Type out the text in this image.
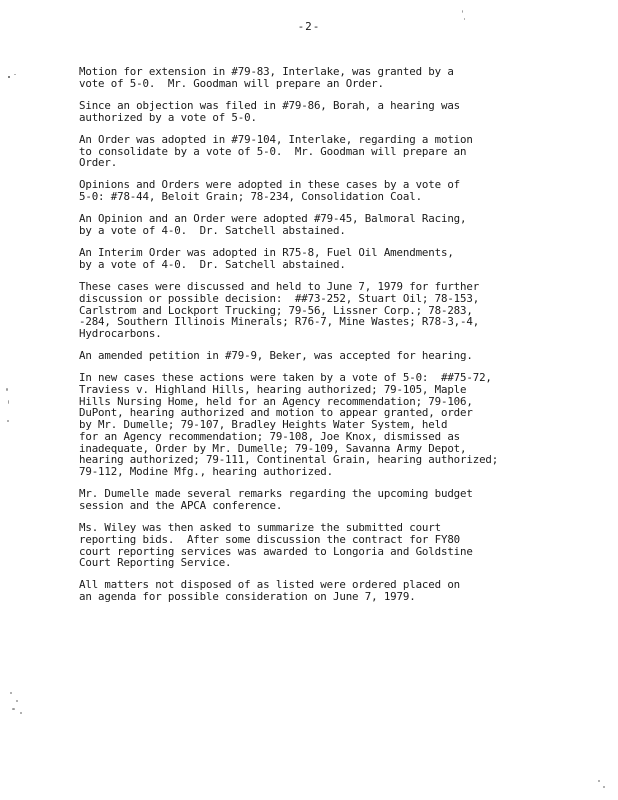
-2-

Motion for extension in #79-83, Interlake, was granted by a
vote of 5-0.  Mr. Goodman will prepare an Order.

Since an objection was filed in #79-86, Borah, a hearing was
authorized by a vote of 5-0.

An Order was adopted in #79-104, Interlake, regarding a motion
to consolidate by a vote of 5-0.  Mr. Goodman will prepare an
Order.

Opinions and Orders were adopted in these cases by a vote of
5-0: #78-44, Beloit Grain; 78-234, Consolidation Coal.

An Opinion and an Order were adopted #79-45, Balmoral Racing,
by a vote of 4-0.  Dr. Satchell abstained.

An Interim Order was adopted in R75-8, Fuel Oil Amendments,
by a vote of 4-0.  Dr. Satchell abstained.

These cases were discussed and held to June 7, 1979 for further
discussion or possible decision:  ##73-252, Stuart Oil; 78-153,
Carlstrom and Lockport Trucking; 79-56, Lissner Corp.; 78-283,
-284, Southern Illinois Minerals; R76-7, Mine Wastes; R78-3,-4,
Hydrocarbons.

An amended petition in #79-9, Beker, was accepted for hearing.

In new cases these actions were taken by a vote of 5-0:  ##75-72,
Traviess v. Highland Hills, hearing authorized; 79-105, Maple
Hills Nursing Home, held for an Agency recommendation; 79-106,
DuPont, hearing authorized and motion to appear granted, order
by Mr. Dumelle; 79-107, Bradley Heights Water System, held
for an Agency recommendation; 79-108, Joe Knox, dismissed as
inadequate, Order by Mr. Dumelle; 79-109, Savanna Army Depot,
hearing authorized; 79-111, Continental Grain, hearing authorized;
79-112, Modine Mfg., hearing authorized.

Mr. Dumelle made several remarks regarding the upcoming budget
session and the APCA conference.

Ms. Wiley was then asked to summarize the submitted court
reporting bids.  After some discussion the contract for FY80
court reporting services was awarded to Longoria and Goldstine
Court Reporting Service.

All matters not disposed of as listed were ordered placed on
an agenda for possible consideration on June 7, 1979.
